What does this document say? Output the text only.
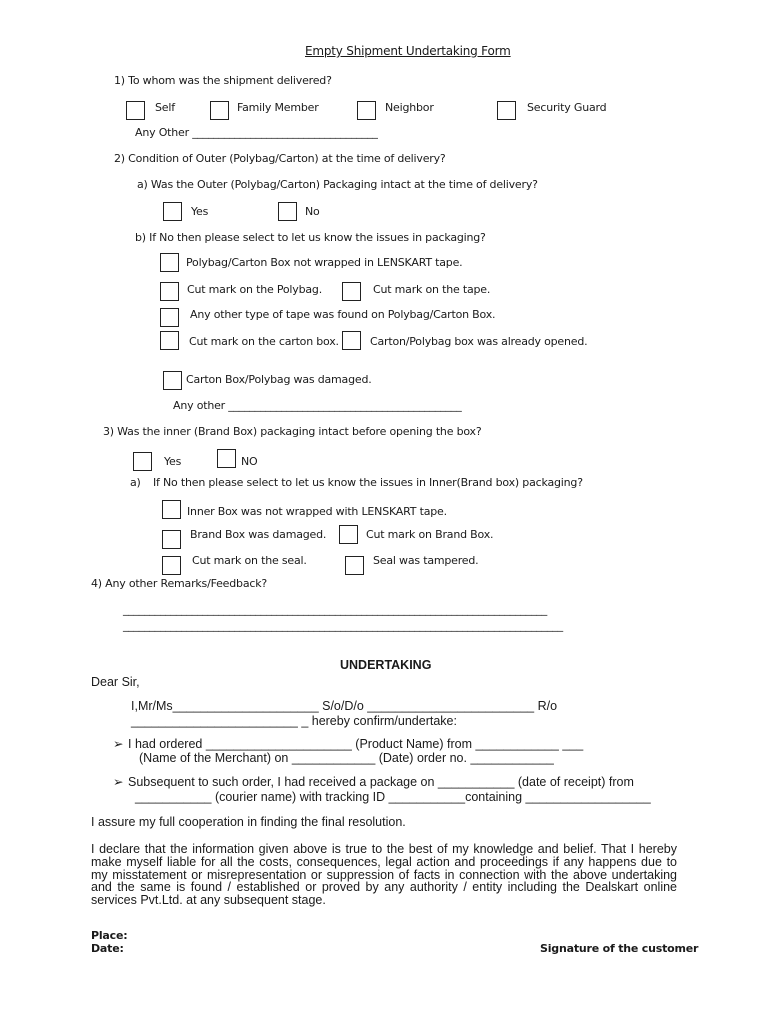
Empty Shipment Undertaking Form
1) To whom was the shipment delivered?
Self	Family Member	Neighbor	Security Guard
Any Other ___________________________________
2) Condition of Outer (Polybag/Carton) at the time of delivery?
a) Was the Outer (Polybag/Carton) Packaging intact at the time of delivery?
Yes	No
b) If No then please select to let us know the issues in packaging?
Polybag/Carton Box not wrapped in LENSKART tape.
Cut mark on the Polybag.	Cut mark on the tape.
Any other type of tape was found on Polybag/Carton Box.
Cut mark on the carton box.	Carton/Polybag box was already opened.
Carton Box/Polybag was damaged.
Any other ____________________________________________
3) Was the inner (Brand Box) packaging intact before opening the box?
Yes	NO
a) If No then please select to let us know the issues in Inner(Brand box) packaging?
Inner Box was not wrapped with LENSKART tape.
Brand Box was damaged.	Cut mark on Brand Box.
Cut mark on the seal.	Seal was tampered.
4) Any other Remarks/Feedback?
________________________________________________________________________________
___________________________________________________________________________________
UNDERTAKING
Dear Sir,
I,Mr/Ms_____________________ S/o/D/o ________________________ R/o
________________________ _ hereby confirm/undertake:
➢ I had ordered _____________________ (Product Name) from ____________ ___
(Name of the Merchant) on ____________ (Date) order no. ____________
➢ Subsequent to such order, I had received a package on ___________ (date of receipt) from
___________ (courier name) with tracking ID ___________containing __________________
I assure my full cooperation in finding the final resolution.
I declare that the information given above is true to the best of my knowledge and belief. That I hereby make myself liable for all the costs, consequences, legal action and proceedings if any happens due to my misstatement or misrepresentation or suppression of facts in connection with the above undertaking and the same is found / established or proved by any authority / entity including the Dealskart online services Pvt.Ltd. at any subsequent stage.
Place:
Date:	Signature of the customer
